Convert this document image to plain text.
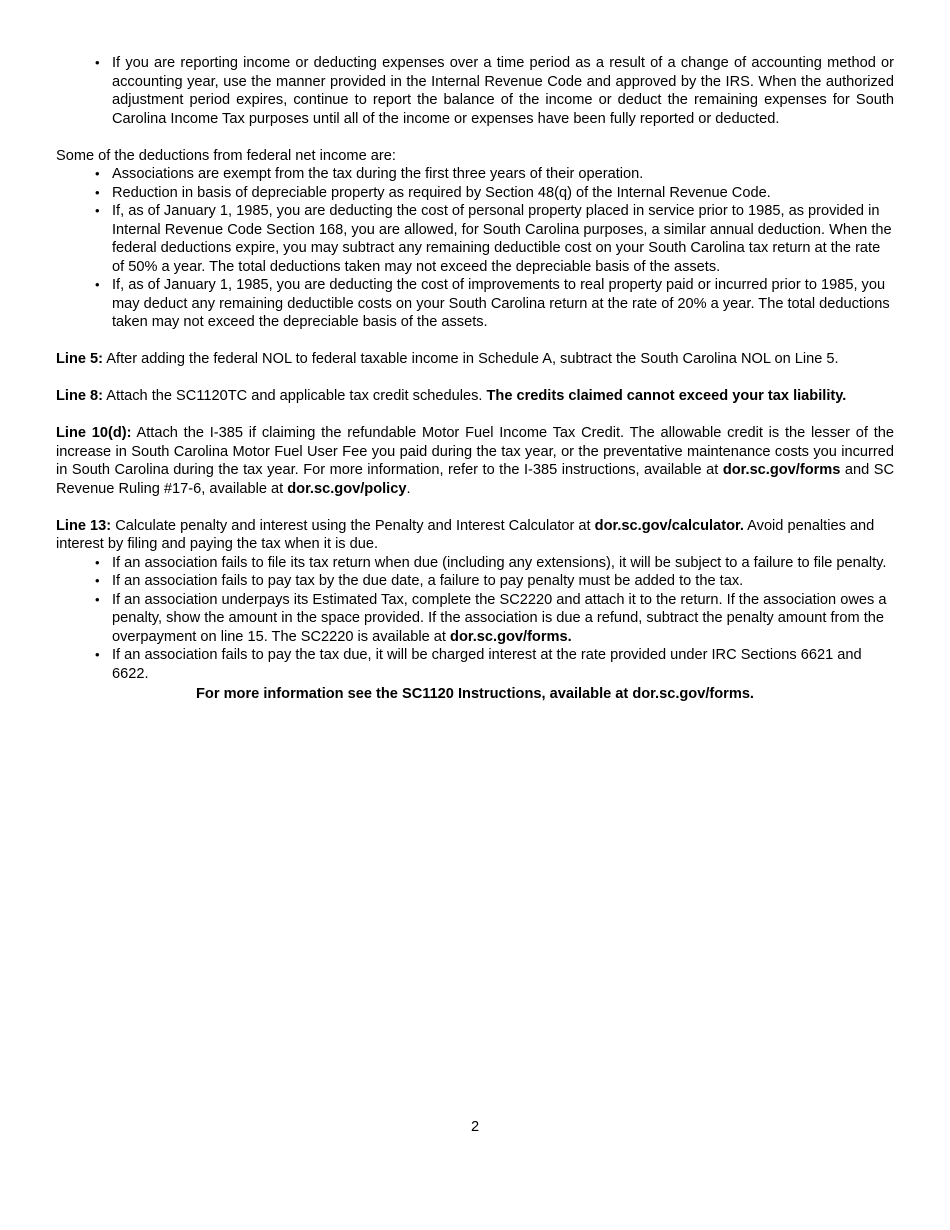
• If you are reporting income or deducting expenses over a time period as a result of a change of accounting method or accounting year, use the manner provided in the Internal Revenue Code and approved by the IRS. When the authorized adjustment period expires, continue to report the balance of the income or deduct the remaining expenses for South Carolina Income Tax purposes until all of the income or expenses have been fully reported or deducted.

Some of the deductions from federal net income are:

• Associations are exempt from the tax during the first three years of their operation.
• Reduction in basis of depreciable property as required by Section 48(q) of the Internal Revenue Code.
• If, as of January 1, 1985, you are deducting the cost of personal property placed in service prior to 1985, as provided in Internal Revenue Code Section 168, you are allowed, for South Carolina purposes, a similar annual deduction. When the federal deductions expire, you may subtract any remaining deductible cost on your South Carolina tax return at the rate of 50% a year. The total deductions taken may not exceed the depreciable basis of the assets.
• If, as of January 1, 1985, you are deducting the cost of improvements to real property paid or incurred prior to 1985, you may deduct any remaining deductible costs on your South Carolina return at the rate of 20% a year. The total deductions taken may not exceed the depreciable basis of the assets.

Line 5: After adding the federal NOL to federal taxable income in Schedule A, subtract the South Carolina NOL on Line 5.

Line 8: Attach the SC1120TC and applicable tax credit schedules. The credits claimed cannot exceed your tax liability.

Line 10(d): Attach the I-385 if claiming the refundable Motor Fuel Income Tax Credit. The allowable credit is the lesser of the increase in South Carolina Motor Fuel User Fee you paid during the tax year, or the preventative maintenance costs you incurred in South Carolina during the tax year. For more information, refer to the I-385 instructions, available at dor.sc.gov/forms and SC Revenue Ruling #17-6, available at dor.sc.gov/policy.

Line 13: Calculate penalty and interest using the Penalty and Interest Calculator at dor.sc.gov/calculator. Avoid penalties and interest by filing and paying the tax when it is due.

• If an association fails to file its tax return when due (including any extensions), it will be subject to a failure to file penalty.
• If an association fails to pay tax by the due date, a failure to pay penalty must be added to the tax.
• If an association underpays its Estimated Tax, complete the SC2220 and attach it to the return. If the association owes a penalty, show the amount in the space provided. If the association is due a refund, subtract the penalty amount from the overpayment on line 15. The SC2220 is available at dor.sc.gov/forms.
• If an association fails to pay the tax due, it will be charged interest at the rate provided under IRC Sections 6621 and 6622.

For more information see the SC1120 Instructions, available at dor.sc.gov/forms.

2
